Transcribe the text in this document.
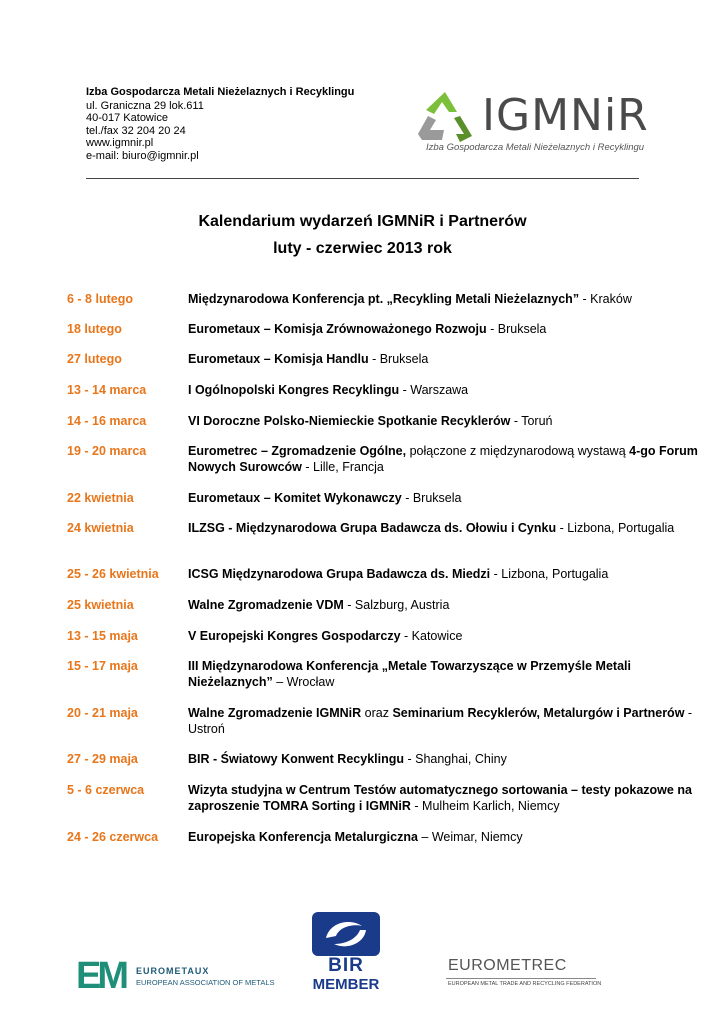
Izba Gospodarcza Metali Nieżelaznych i Recyklingu
ul. Graniczna 29 lok.611
40-017 Katowice
tel./fax 32 204 20 24
www.igmnir.pl
e-mail: biuro@igmnir.pl
IGMNiR
Izba Gospodarcza Metali Nieżelaznych i Recyklingu
Kalendarium wydarzeń IGMNiR i Partnerów
luty - czerwiec 2013 rok
6 - 8 lutego	Międzynarodowa Konferencja pt. „Recykling Metali Nieżelaznych” - Kraków
18 lutego	Eurometaux – Komisja Zrównoważonego Rozwoju - Bruksela
27 lutego	Eurometaux – Komisja Handlu - Bruksela
13 - 14 marca	I Ogólnopolski Kongres Recyklingu - Warszawa
14 - 16 marca	VI Doroczne Polsko-Niemieckie Spotkanie Recyklerów - Toruń
19 - 20 marca	Eurometrec – Zgromadzenie Ogólne, połączone z międzynarodową wystawą 4-go Forum Nowych Surowców - Lille, Francja
22 kwietnia	Eurometaux – Komitet Wykonawczy - Bruksela
24 kwietnia	ILZSG - Międzynarodowa Grupa Badawcza ds. Ołowiu i Cynku - Lizbona, Portugalia
25 - 26 kwietnia ICSG Międzynarodowa Grupa Badawcza ds. Miedzi - Lizbona, Portugalia
25 kwietnia	Walne Zgromadzenie VDM - Salzburg, Austria
13 - 15 maja	V Europejski Kongres Gospodarczy - Katowice
15 - 17 maja	III Międzynarodowa Konferencja „Metale Towarzyszące w Przemyśle Metali Nieżelaznych” – Wrocław
20 - 21 maja	Walne Zgromadzenie IGMNiR oraz Seminarium Recyklerów, Metalurgów i Partnerów - Ustroń
27 - 29 maja	BIR - Światowy Konwent Recyklingu - Shanghai, Chiny
5 - 6 czerwca	Wizyta studyjna w Centrum Testów automatycznego sortowania – testy pokazowe na zaproszenie TOMRA Sorting i IGMNiR - Mulheim Karlich, Niemcy
24 - 26 czerwca Europejska Konferencja Metalurgiczna – Weimar, Niemcy
EM EUROMETAUX
EUROPEAN ASSOCIATION OF METALS
BIR
MEMBER
EUROMETREC
EUROPEAN METAL TRADE AND RECYCLING FEDERATION
